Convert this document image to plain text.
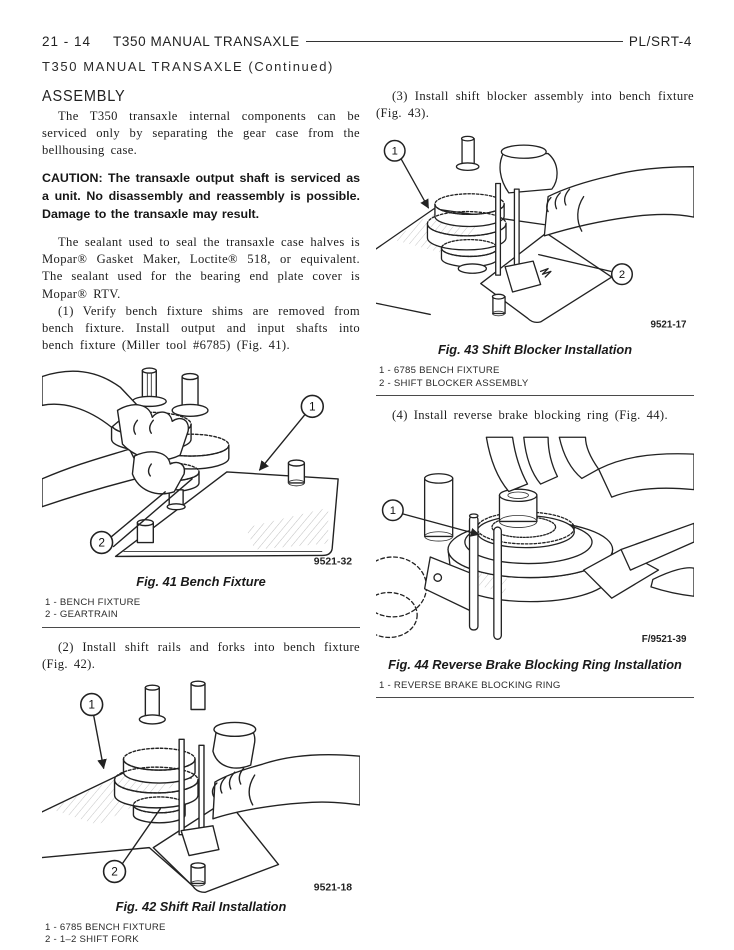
21 - 14 T350 MANUAL TRANSAXLE	PL/SRT-4
T350 MANUAL TRANSAXLE (Continued)
ASSEMBLY

The T350 transaxle internal components can be serviced only by separating the gear case from the bellhousing case.

CAUTION: The transaxle output shaft is serviced as a unit. No disassembly and reassembly is possible. Damage to the transaxle may result.

The sealant used to seal the transaxle case halves is Mopar® Gasket Maker, Loctite® 518, or equivalent. The sealant used for the bearing end plate cover is Mopar® RTV.

(1) Verify bench fixture shims are removed from bench fixture. Install output and input shafts into bench fixture (Miller tool #6785) (Fig. 41).

1
2
9521-32
Fig. 41 Bench Fixture
1 - BENCH FIXTURE
2 - GEARTRAIN

(2) Install shift rails and forks into bench fixture (Fig. 42).

1
2
9521-18
Fig. 42 Shift Rail Installation
1 - 6785 BENCH FIXTURE
2 - 1–2 SHIFT FORK

(3) Install shift blocker assembly into bench fixture (Fig. 43).

1
2
9521-17
Fig. 43 Shift Blocker Installation
1 - 6785 BENCH FIXTURE
2 - SHIFT BLOCKER ASSEMBLY

(4) Install reverse brake blocking ring (Fig. 44).

1
F/9521-39
Fig. 44 Reverse Brake Blocking Ring Installation
1 - REVERSE BRAKE BLOCKING RING
